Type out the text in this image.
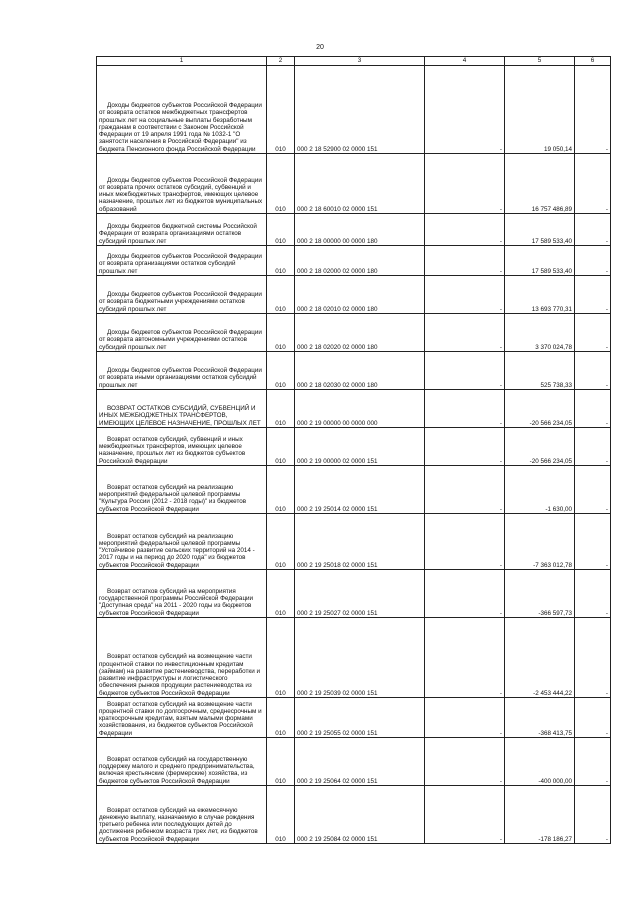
20
1	2	3	4	5	6

Доходы бюджетов субъектов Российской Федерации от возврата остатков межбюджетных трансфертов прошлых лет на социальные выплаты безработным гражданам в соответствии с Законом Российской Федерации от 19 апреля 1991 года № 1032-1 "О занятости населения в Российской Федерации" из бюджета Пенсионного фонда Российской Федерации	010	000 2 18 52900 02 0000 151	-	19 050,14	-

Доходы бюджетов субъектов Российской Федерации от возврата прочих остатков субсидий, субвенций и иных межбюджетных трансфертов, имеющих целевое назначение, прошлых лет из бюджетов муниципальных образований	010	000 2 18 60010 02 0000 151	-	16 757 486,89	-

Доходы бюджетов бюджетной системы Российской Федерации от возврата организациями остатков субсидий прошлых лет	010	000 2 18 00000 00 0000 180	-	17 589 533,40	-

Доходы бюджетов субъектов Российской Федерации от возврата организациями остатков субсидий прошлых лет	010	000 2 18 02000 02 0000 180	-	17 589 533,40	-

Доходы бюджетов субъектов Российской Федерации от возврата бюджетными учреждениями остатков субсидий прошлых лет	010	000 2 18 02010 02 0000 180	-	13 693 770,31	-

Доходы бюджетов субъектов Российской Федерации от возврата автономными учреждениями остатков субсидий прошлых лет	010	000 2 18 02020 02 0000 180	-	3 370 024,78	-

Доходы бюджетов субъектов Российской Федерации от возврата иными организациями остатков субсидий прошлых лет	010	000 2 18 02030 02 0000 180	-	525 738,33	-

ВОЗВРАТ ОСТАТКОВ СУБСИДИЙ, СУБВЕНЦИЙ И ИНЫХ МЕЖБЮДЖЕТНЫХ ТРАНСФЕРТОВ, ИМЕЮЩИХ ЦЕЛЕВОЕ НАЗНАЧЕНИЕ, ПРОШЛЫХ ЛЕТ	010	000 2 19 00000 00 0000 000	-	-20 566 234,05	-

Возврат остатков субсидий, субвенций и иных межбюджетных трансфертов, имеющих целевое назначение, прошлых лет из бюджетов субъектов Российской Федерации	010	000 2 19 00000 02 0000 151	-	-20 566 234,05	-

Возврат остатков субсидий на реализацию мероприятий федеральной целевой программы "Культура России (2012 - 2018 годы)" из бюджетов субъектов Российской Федерации	010	000 2 19 25014 02 0000 151	-	-1 630,00	-

Возврат остатков субсидий на реализацию мероприятий федеральной целевой программы "Устойчивое развитие сельских территорий на 2014 - 2017 годы и на период до 2020 года" из бюджетов субъектов Российской Федерации	010	000 2 19 25018 02 0000 151	-	-7 363 012,78	-

Возврат остатков субсидий на мероприятия государственной программы Российской Федерации "Доступная среда" на 2011 - 2020 годы из бюджетов субъектов Российской Федерации	010	000 2 19 25027 02 0000 151	-	-366 597,73	-

Возврат остатков субсидий на возмещение части процентной ставки по инвестиционным кредитам (займам) на развитие растениеводства, переработки и развитие инфраструктуры и логистического обеспечения рынков продукции растениеводства из бюджетов субъектов Российской Федерации	010	000 2 19 25039 02 0000 151	-	-2 453 444,22	-

Возврат остатков субсидий на возмещение части процентной ставки по долгосрочным, среднесрочным и краткосрочным кредитам, взятым малыми формами хозяйствования, из бюджетов субъектов Российской Федерации	010	000 2 19 25055 02 0000 151	-	-368 413,75	-

Возврат остатков субсидий на государственную поддержку малого и среднего предпринимательства, включая крестьянские (фермерские) хозяйства, из бюджетов субъектов Российской Федерации	010	000 2 19 25064 02 0000 151	-	-400 000,00	-

Возврат остатков субсидий на ежемесячную денежную выплату, назначаемую в случае рождения третьего ребенка или последующих детей до достижения ребенком возраста трех лет, из бюджетов субъектов Российской Федерации	010	000 2 19 25084 02 0000 151	-	-178 186,27	-
